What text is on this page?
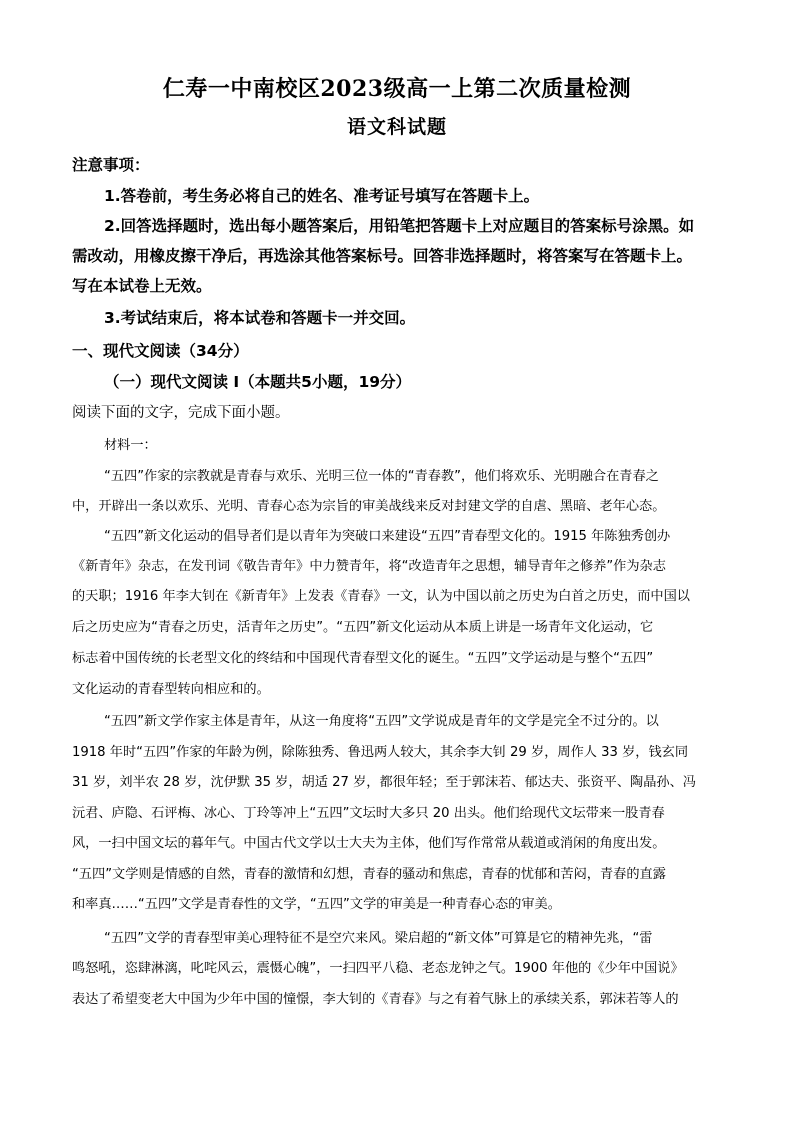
仁寿一中南校区2023级高一上第二次质量检测
语文科试题
注意事项：
1.答卷前，考生务必将自己的姓名、准考证号填写在答题卡上。
2.回答选择题时，选出每小题答案后，用铅笔把答题卡上对应题目的答案标号涂黑。如
需改动，用橡皮擦干净后，再选涂其他答案标号。回答非选择题时，将答案写在答题卡上。
写在本试卷上无效。
3.考试结束后，将本试卷和答题卡一并交回。
一、现代文阅读（34分）
（一）现代文阅读 I（本题共5小题，19分）
阅读下面的文字，完成下面小题。
材料一：
“五四”作家的宗教就是青春与欢乐、光明三位一体的“青春教”，他们将欢乐、光明融合在青春之
中，开辟出一条以欢乐、光明、青春心态为宗旨的审美战线来反对封建文学的自虐、黑暗、老年心态。
“五四”新文化运动的倡导者们是以青年为突破口来建设“五四”青春型文化的。1915 年陈独秀创办
《新青年》杂志，在发刊词《敬告青年》中力赞青年，将“改造青年之思想，辅导青年之修养”作为杂志
的天职；1916 年李大钊在《新青年》上发表《青春》一文，认为中国以前之历史为白首之历史，而中国以
后之历史应为“青春之历史，活青年之历史”。“五四”新文化运动从本质上讲是一场青年文化运动，它
标志着中国传统的长老型文化的终结和中国现代青春型文化的诞生。“五四”文学运动是与整个“五四”
文化运动的青春型转向相应和的。
“五四”新文学作家主体是青年，从这一角度将“五四”文学说成是青年的文学是完全不过分的。以
1918 年时“五四”作家的年龄为例，除陈独秀、鲁迅两人较大，其余李大钊 29 岁，周作人 33 岁，钱玄同
31 岁，刘半农 28 岁，沈伊默 35 岁，胡适 27 岁，都很年轻；至于郭沫若、郁达夫、张资平、陶晶孙、冯
沅君、庐隐、石评梅、冰心、丁玲等冲上“五四”文坛时大多只 20 出头。他们给现代文坛带来一股青春
风，一扫中国文坛的暮年气。中国古代文学以士大夫为主体，他们写作常常从载道或消闲的角度出发。
“五四”文学则是情感的自然，青春的激情和幻想，青春的骚动和焦虑，青春的忧郁和苦闷，青春的直露
和率真……“五四”文学是青春性的文学，“五四”文学的审美是一种青春心态的审美。
“五四”文学的青春型审美心理特征不是空穴来风。梁启超的“新文体”可算是它的精神先兆，“雷
鸣怒吼，恣肆淋漓，叱咤风云，震慑心魄”，一扫四平八稳、老态龙钟之气。1900 年他的《少年中国说》
表达了希望变老大中国为少年中国的憧憬，李大钊的《青春》与之有着气脉上的承续关系，郭沫若等人的
